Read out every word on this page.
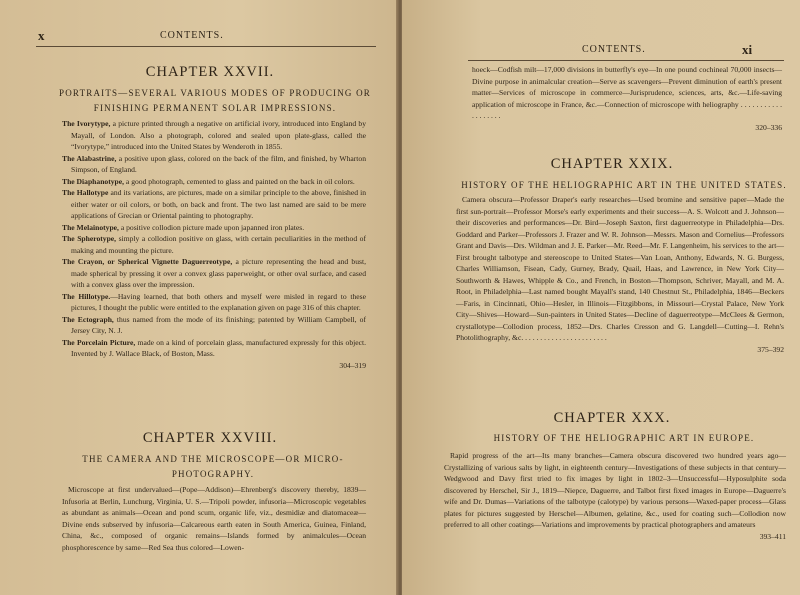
x	CONTENTS.
CHAPTER XXVII.
PORTRAITS—SEVERAL VARIOUS MODES OF PRODUCING OR FINISHING PERMANENT SOLAR IMPRESSIONS.

The Ivorytype, a picture printed through a negative on artificial ivory, introduced into England by Mayall, of London. Also a photograph, colored and sealed upon plate-glass, called the “Ivorytype,” introduced into the United States by Wenderoth in 1855.

The Alabastrine, a positive upon glass, colored on the back of the film, and finished, by Wharton Simpson, of England.

The Diaphanotype, a good photograph, cemented to glass and painted on the back in oil colors.

The Hallotype and its variations, are pictures, made on a similar principle to the above, finished in either water or oil colors, or both, on back and front. The two last named are said to be mere applications of Grecian or Oriental painting to photography.

The Melainotype, a positive collodion picture made upon japanned iron plates.

The Spherotype, simply a collodion positive on glass, with certain peculiarities in the method of making and mounting the picture.

The Crayon, or Spherical Vignette Daguerreotype, a picture representing the head and bust, made spherical by pressing it over a convex glass paperweight, or other oval surface, and cased with a convex glass over the impression.

The Hillotype.—Having learned, that both others and myself were misled in regard to these pictures, I thought the public were entitled to the explanation given on page 316 of this chapter.

The Ectograph, thus named from the mode of its finishing; patented by William Campbell, of Jersey City, N. J.

The Porcelain Picture, made on a kind of porcelain glass, manufactured expressly for this object. Invented by J. Wallace Black, of Boston, Mass.

304–319
CHAPTER XXVIII.
THE CAMERA AND THE MICROSCOPE—OR MICRO-PHOTOGRAPHY.

Microscope at first undervalued—(Pope—Addison)—Ehrenberg's discovery thereby, 1839—Infusoria at Berlin, Lunchurg, Virginia, U. S.—Tripoli powder, infusoria—Microscopic vegetables as abundant as animals—Ocean and pond scum, organic life, viz., desmidiæ and diatomaceæ—Divine ends subserved by infusoria—Calcareous earth eaten in South America, Guinea, Finland, China, &c., composed of organic remains—Islands formed by animalcules—Ocean phosphorescence by same—Red Sea thus colored—Lowen-

CONTENTS.	xi

hoeck—Codfish milt—17,000 divisions in butterfly's eye—In one pound cochineal 70,000 insects—Divine purpose in animalcular creation—Serve as scavengers—Prevent diminution of earth's present matter—Services of microscope in commerce—Jurisprudence, sciences, arts, &c.—Life-saving application of microscope in France, &c.—Connection of microscope with heliography . . . . . . . . . . . . . . . . . . .

320–336
CHAPTER XXIX.
HISTORY OF THE HELIOGRAPHIC ART IN THE UNITED STATES.

Camera obscura—Professor Draper's early researches—Used bromine and sensitive paper—Made the first sun-portrait—Professor Morse's early experiments and their success—A. S. Wolcott and J. Johnson—their discoveries and performances—Dr. Bird—Joseph Saxton, first daguerreotype in Philadelphia—Drs. Goddard and Parker—Professors J. Frazer and W. R. Johnson—Messrs. Mason and Cornelius—Professors Grant and Davis—Drs. Wildman and J. E. Parker—Mr. Reed—Mr. F. Langenheim, his services to the art—First brought talbotype and stereoscope to United States—Van Loan, Anthony, Edwards, N. G. Burgess, Charles Williamson, Fisean, Cady, Gurney, Brady, Quail, Haas, and Lawrence, in New York City—Southworth & Hawes, Whipple & Co., and French, in Boston—Thompson, Schriver, Mayall, and M. A. Root, in Philadelphia—Last named bought Mayall's stand, 140 Chestnut St., Philadelphia, 1846—Beckers—Faris, in Cincinnati, Ohio—Hesler, in Illinois—Fitzgibbons, in Missouri—Crystal Palace, New York City—Shives—Howard—Sun-painters in United States—Decline of daguerreotype—McClees & Germon, crystallotype—Collodion process, 1852—Drs. Charles Cresson and G. Langdell—Cutting—I. Rehn's Photolithography, &c. . . . . . . . . . . . . . . . . . . . . . .

375–392
CHAPTER XXX.
HISTORY OF THE HELIOGRAPHIC ART IN EUROPE.

Rapid progress of the art—Its many branches—Camera obscura discovered two hundred years ago—Crystallizing of various salts by light, in eighteenth century—Investigations of these subjects in that century—Wedgwood and Davy first tried to fix images by light in 1802–3—Unsuccessful—Hyposulphite soda discovered by Herschel, Sir J., 1819—Niepce, Daguerre, and Talbot first fixed images in Europe—Daguerre's wife and Dr. Dumas—Variations of the talbotype (calotype) by various persons—Waxed-paper process—Glass plates for pictures suggested by Herschel—Albumen, gelatine, &c., used for coating such—Collodion now preferred to all other coatings—Variations and improvements by practical photographers and amateurs

393–411
